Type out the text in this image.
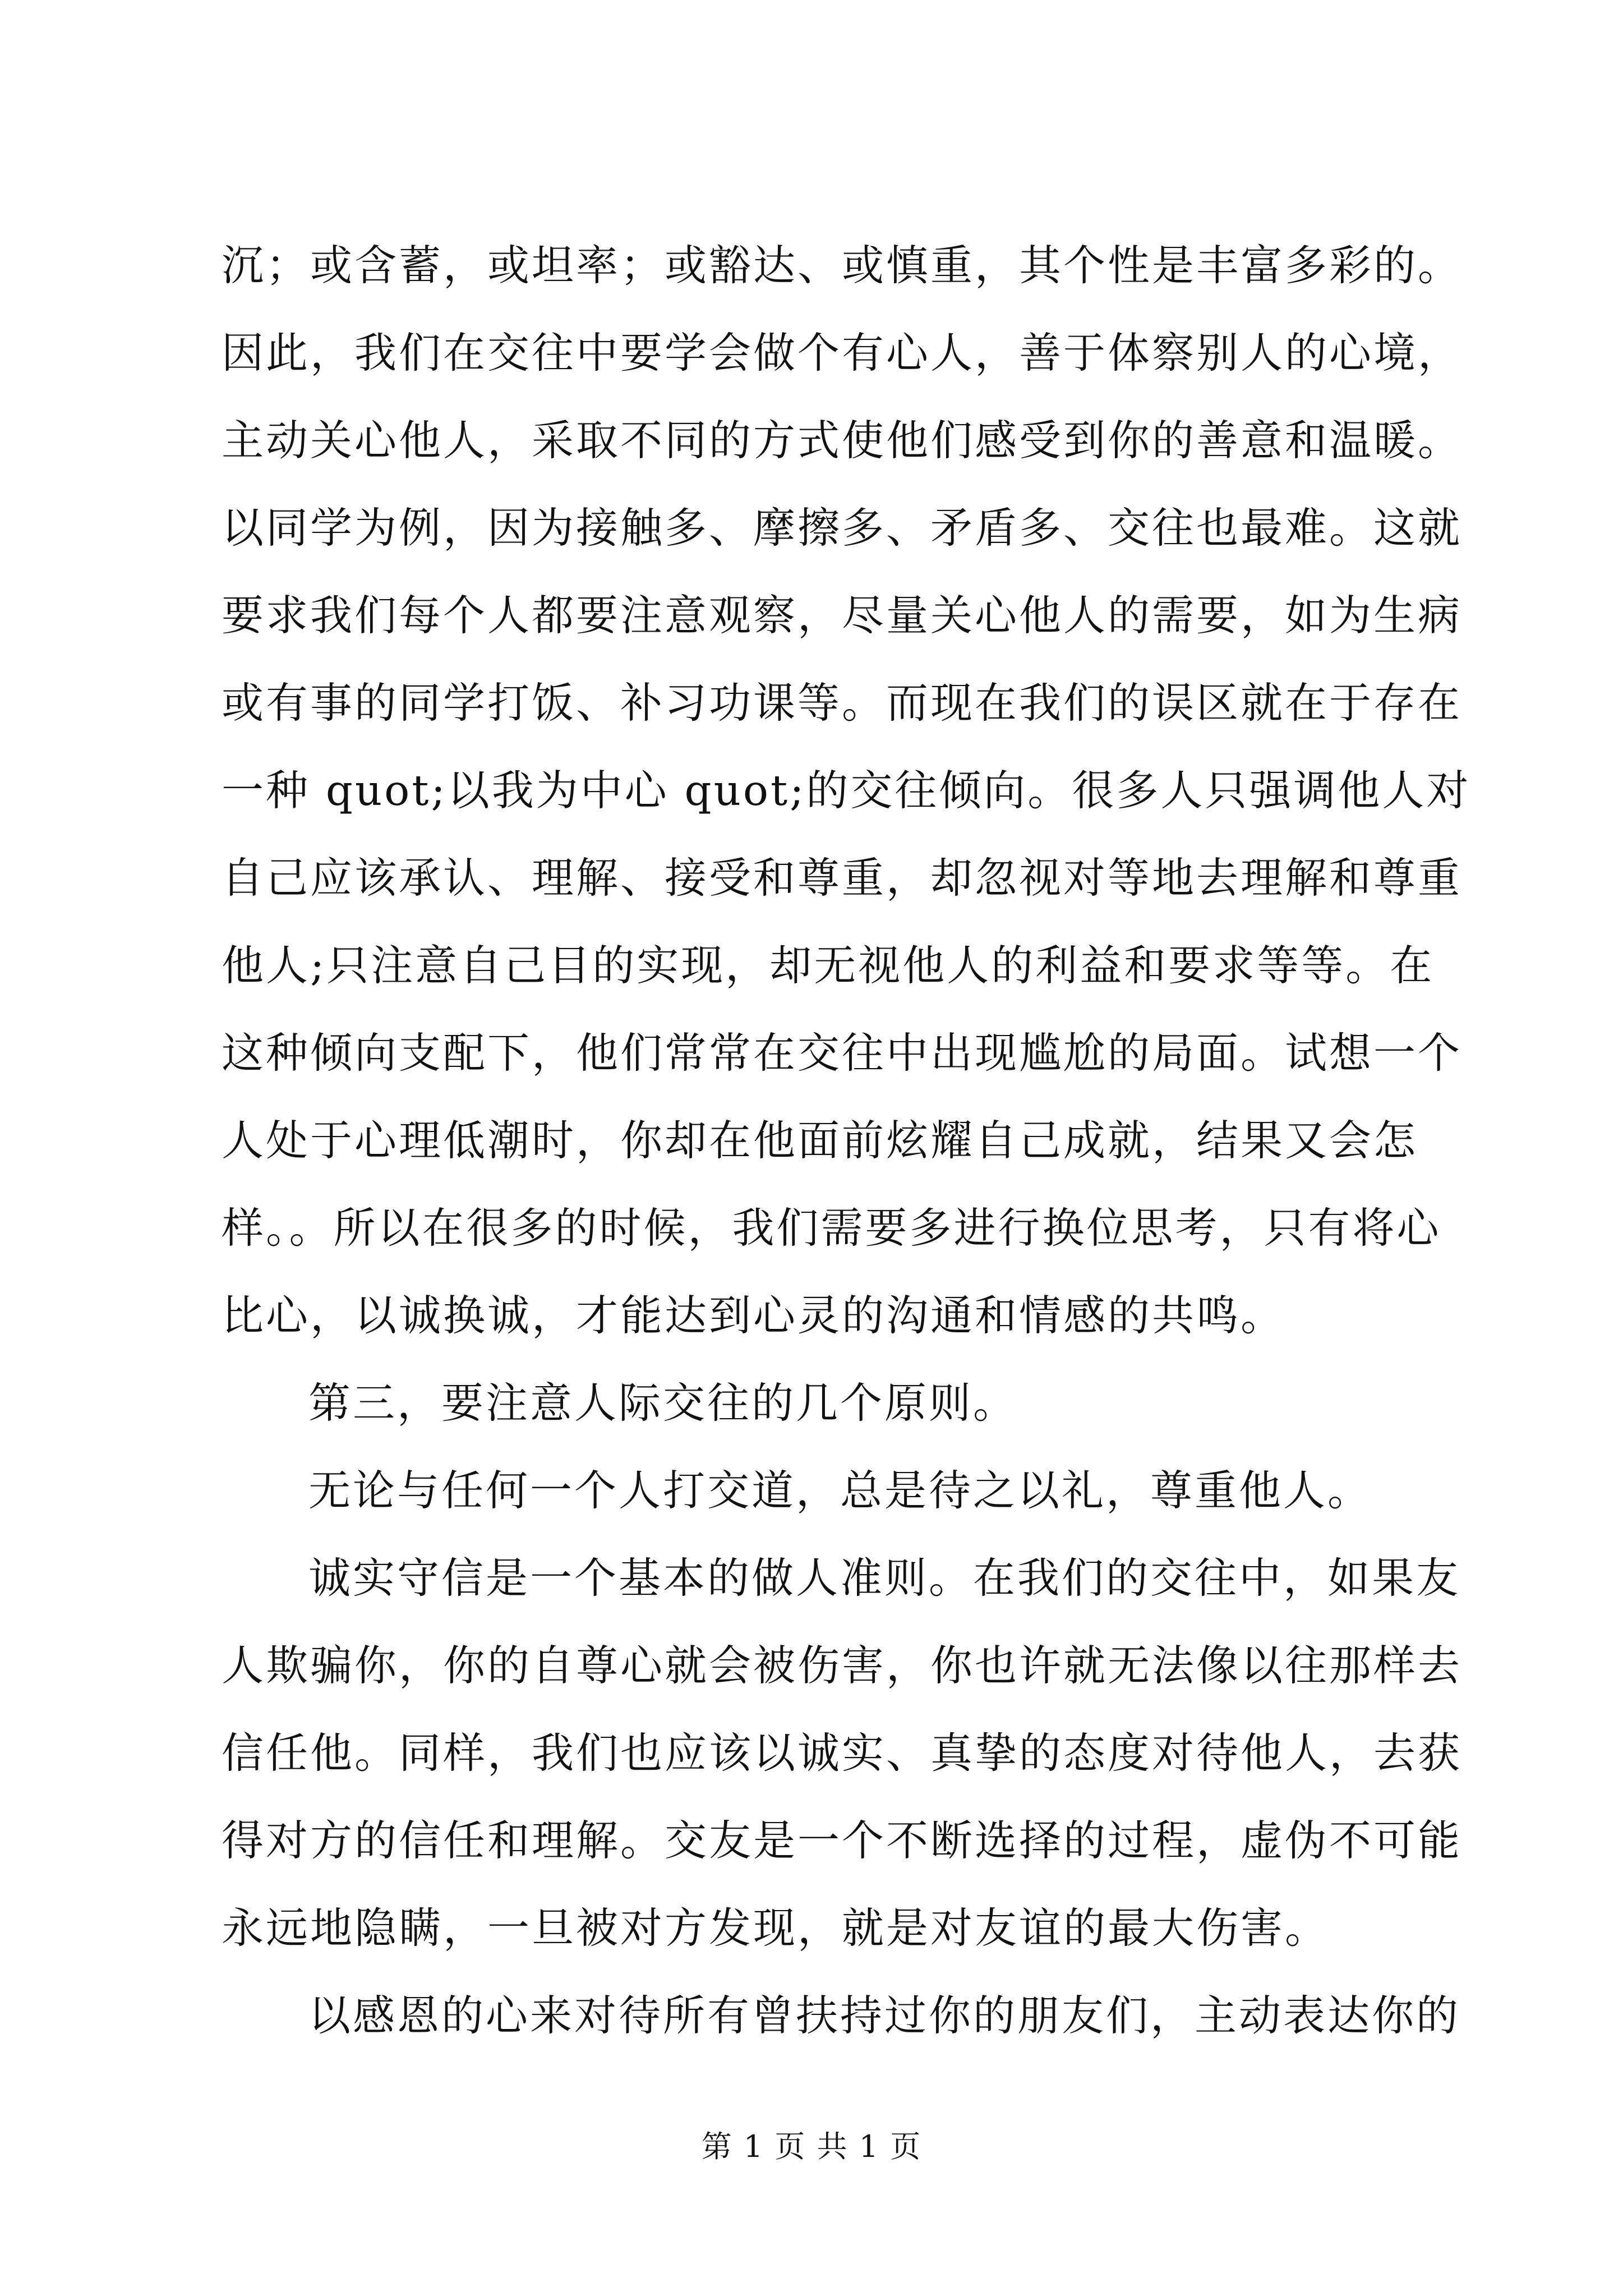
沉；或含蓄，或坦率；或豁达、或慎重，其个性是丰富多彩的。
因此，我们在交往中要学会做个有心人，善于体察别人的心境，
主动关心他人，采取不同的方式使他们感受到你的善意和温暖。
以同学为例，因为接触多、摩擦多、矛盾多、交往也最难。这就
要求我们每个人都要注意观察，尽量关心他人的需要，如为生病
或有事的同学打饭、补习功课等。而现在我们的误区就在于存在
一种 quot;以我为中心 quot;的交往倾向。很多人只强调他人对
自己应该承认、理解、接受和尊重，却忽视对等地去理解和尊重
他人;只注意自己目的实现，却无视他人的利益和要求等等。在
这种倾向支配下，他们常常在交往中出现尴尬的局面。试想一个
人处于心理低潮时，你却在他面前炫耀自己成就，结果又会怎
样。。所以在很多的时候，我们需要多进行换位思考，只有将心
比心，以诚换诚，才能达到心灵的沟通和情感的共鸣。
第三，要注意人际交往的几个原则。
无论与任何一个人打交道，总是待之以礼，尊重他人。
诚实守信是一个基本的做人准则。在我们的交往中，如果友
人欺骗你，你的自尊心就会被伤害，你也许就无法像以往那样去
信任他。同样，我们也应该以诚实、真挚的态度对待他人，去获
得对方的信任和理解。交友是一个不断选择的过程，虚伪不可能
永远地隐瞒，一旦被对方发现，就是对友谊的最大伤害。
以感恩的心来对待所有曾扶持过你的朋友们，主动表达你的
第 1 页 共 1 页
